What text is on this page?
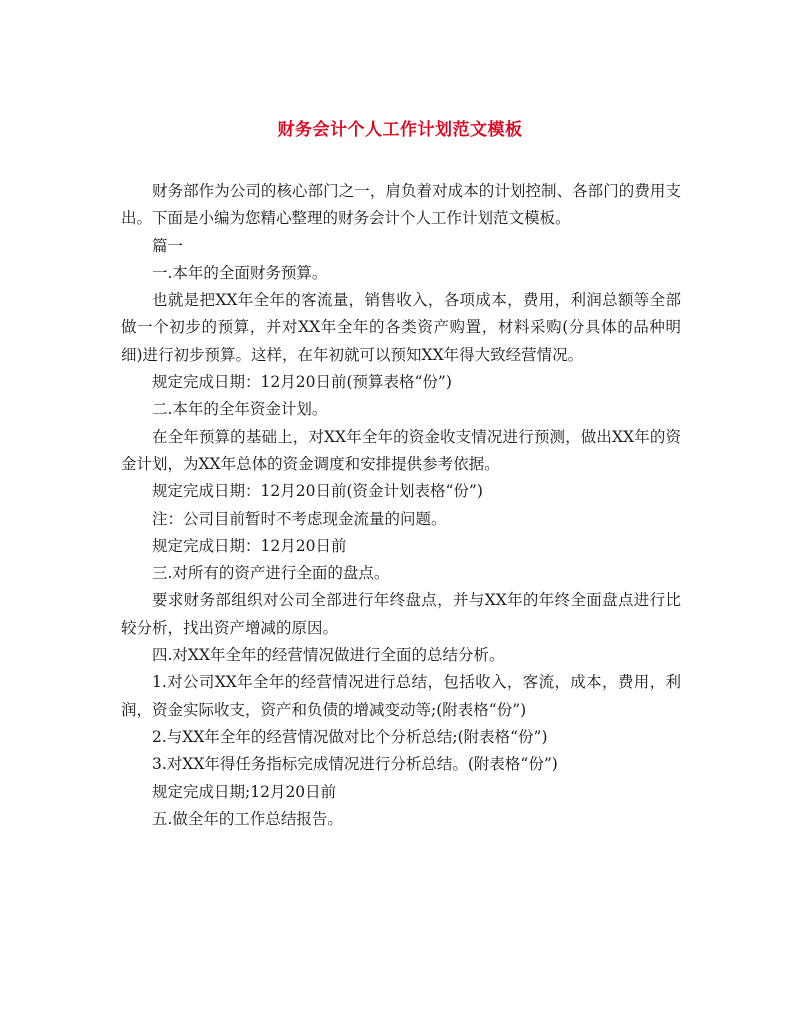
财务会计个人工作计划范文模板

财务部作为公司的核心部门之一，肩负着对成本的计划控制、各部门的费用支出。下面是小编为您精心整理的财务会计个人工作计划范文模板。

篇一

一.本年的全面财务预算。

也就是把XX年全年的客流量，销售收入，各项成本，费用，利润总额等全部做一个初步的预算，并对XX年全年的各类资产购置，材料采购(分具体的品种明细)进行初步预算。这样，在年初就可以预知XX年得大致经营情况。

规定完成日期：12月20日前(预算表格“份”)

二.本年的全年资金计划。

在全年预算的基础上，对XX年全年的资金收支情况进行预测，做出XX年的资金计划，为XX年总体的资金调度和安排提供参考依据。

规定完成日期：12月20日前(资金计划表格“份”)

注：公司目前暂时不考虑现金流量的问题。

规定完成日期：12月20日前

三.对所有的资产进行全面的盘点。

要求财务部组织对公司全部进行年终盘点，并与XX年的年终全面盘点进行比较分析，找出资产增减的原因。

四.对XX年全年的经营情况做进行全面的总结分析。

1.对公司XX年全年的经营情况进行总结，包括收入，客流，成本，费用，利润，资金实际收支，资产和负债的增减变动等;(附表格“份”)

2.与XX年全年的经营情况做对比个分析总结;(附表格“份”)

3.对XX年得任务指标完成情况进行分析总结。(附表格“份”)

规定完成日期;12月20日前

五.做全年的工作总结报告。
